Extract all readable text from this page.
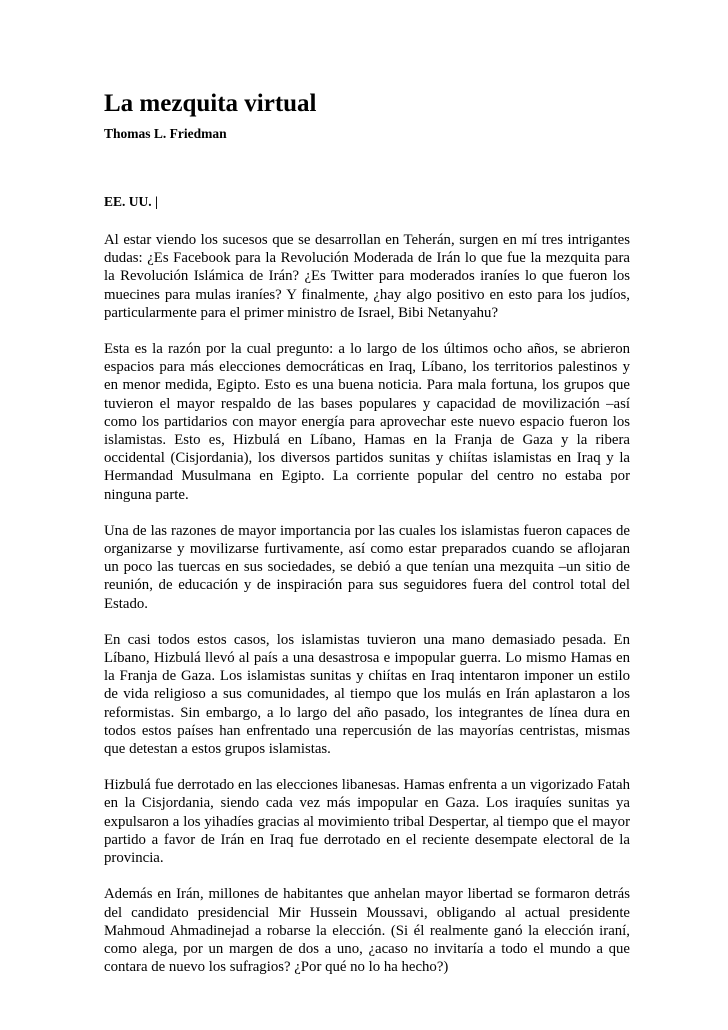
La mezquita virtual

Thomas L. Friedman

EE. UU. |

Al estar viendo los sucesos que se desarrollan en Teherán, surgen en mí tres intrigantes dudas: ¿Es Facebook para la Revolución Moderada de Irán lo que fue la mezquita para la Revolución Islámica de Irán? ¿Es Twitter para moderados iraníes lo que fueron los muecines para mulas iraníes? Y finalmente, ¿hay algo positivo en esto para los judíos, particularmente para el primer ministro de Israel, Bibi Netanyahu?

Esta es la razón por la cual pregunto: a lo largo de los últimos ocho años, se abrieron espacios para más elecciones democráticas en Iraq, Líbano, los territorios palestinos y en menor medida, Egipto. Esto es una buena noticia. Para mala fortuna, los grupos que tuvieron el mayor respaldo de las bases populares y capacidad de movilización –así como los partidarios con mayor energía para aprovechar este nuevo espacio fueron los islamistas. Esto es, Hizbulá en Líbano, Hamas en la Franja de Gaza y la ribera occidental (Cisjordania), los diversos partidos sunitas y chiítas islamistas en Iraq y la Hermandad Musulmana en Egipto. La corriente popular del centro no estaba por ninguna parte.

Una de las razones de mayor importancia por las cuales los islamistas fueron capaces de organizarse y movilizarse furtivamente, así como estar preparados cuando se aflojaran un poco las tuercas en sus sociedades, se debió a que tenían una mezquita –un sitio de reunión, de educación y de inspiración para sus seguidores fuera del control total del Estado.

En casi todos estos casos, los islamistas tuvieron una mano demasiado pesada. En Líbano, Hizbulá llevó al país a una desastrosa e impopular guerra. Lo mismo Hamas en la Franja de Gaza. Los islamistas sunitas y chiítas en Iraq intentaron imponer un estilo de vida religioso a sus comunidades, al tiempo que los mulás en Irán aplastaron a los reformistas. Sin embargo, a lo largo del año pasado, los integrantes de línea dura en todos estos países han enfrentado una repercusión de las mayorías centristas, mismas que detestan a estos grupos islamistas.

Hizbulá fue derrotado en las elecciones libanesas. Hamas enfrenta a un vigorizado Fatah en la Cisjordania, siendo cada vez más impopular en Gaza. Los iraquíes sunitas ya expulsaron a los yihadíes gracias al movimiento tribal Despertar, al tiempo que el mayor partido a favor de Irán en Iraq fue derrotado en el reciente desempate electoral de la provincia.

Además en Irán, millones de habitantes que anhelan mayor libertad se formaron detrás del candidato presidencial Mir Hussein Moussavi, obligando al actual presidente Mahmoud Ahmadinejad a robarse la elección. (Si él realmente ganó la elección iraní, como alega, por un margen de dos a uno, ¿acaso no invitaría a todo el mundo a que contara de nuevo los sufragios? ¿Por qué no lo ha hecho?)
